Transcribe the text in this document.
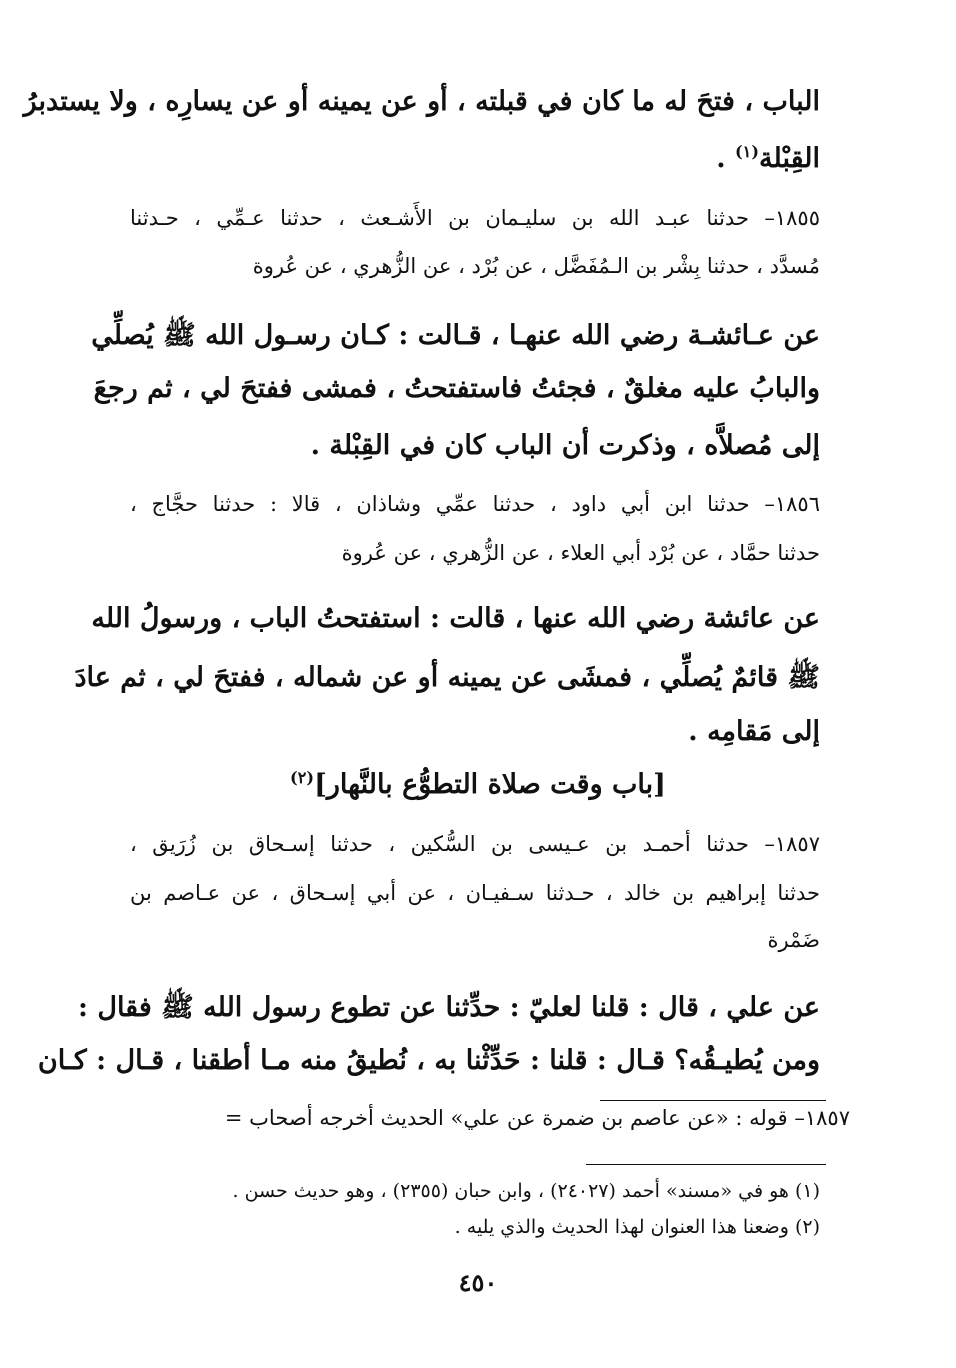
الباب ، فتحَ له ما كان في قبلته ، أو عن يمينه أو عن يسارِه ، ولا يستدبرُ
القِبْلة$^{(١)}$ .
١٨٥٥– حدثنا عبـد الله بن سليـمان بن الأَشـعث ، حدثنا عـمِّي ، حـدثنا
مُسدَّد ، حدثنا بِشْر بن الـمُفَضَّل ، عن بُرْد ، عن الزُّهري ، عن عُروة
عن عـائشـة رضي الله عنهـا ، قـالت : كـان رسـول الله ﷺ يُصلِّي
والبابُ عليه مغلقٌ ، فجئتُ فاستفتحتُ ، فمشى ففتحَ لي ، ثم رجعَ
إلى مُصلاَّه ، وذكرت أن الباب كان في القِبْلة .
١٨٥٦– حدثنا ابن أبي داود ، حدثنا عمِّي وشاذان ، قالا : حدثنا حجَّاج ،
حدثنا حمَّاد ، عن بُرْد أبي العلاء ، عن الزُّهري ، عن عُروة
عن عائشة رضي الله عنها ، قالت : استفتحتُ الباب ، ورسولُ الله
ﷺ قائمٌ يُصلِّي ، فمشَى عن يمينه أو عن شماله ، ففتحَ لي ، ثم عادَ
إلى مَقامِه .
[باب وقت صلاة التطوُّع بالنَّهار]$^{(٢)}$
١٨٥٧– حدثنا أحمـد بن عـيسى بن السُّكين ، حدثنا إسـحاق بن زُرَيق ،
حدثنا إبراهيم بن خالد ، حـدثنا سـفيـان ، عن أبي إسـحاق ، عن عـاصم بن
ضَمْرة
عن علي ، قال : قلنا لعليّ : حدِّثنا عن تطوع رسول الله ﷺ فقال :
ومن يُطيـقُه؟ قـال : قلنا : حَدِّثْنا به ، نُطيقُ منه مـا أطقنا ، قـال : كـان
١٨٥٧– قوله : «عن عاصم بن ضمرة عن علي» الحديث أخرجه أصحاب =
(١) هو في «مسند» أحمد (٢٤٠٢٧) ، وابن حبان (٢٣٥٥) ، وهو حديث حسن .
(٢) وضعنا هذا العنوان لهذا الحديث والذي يليه .
٤٥٠
